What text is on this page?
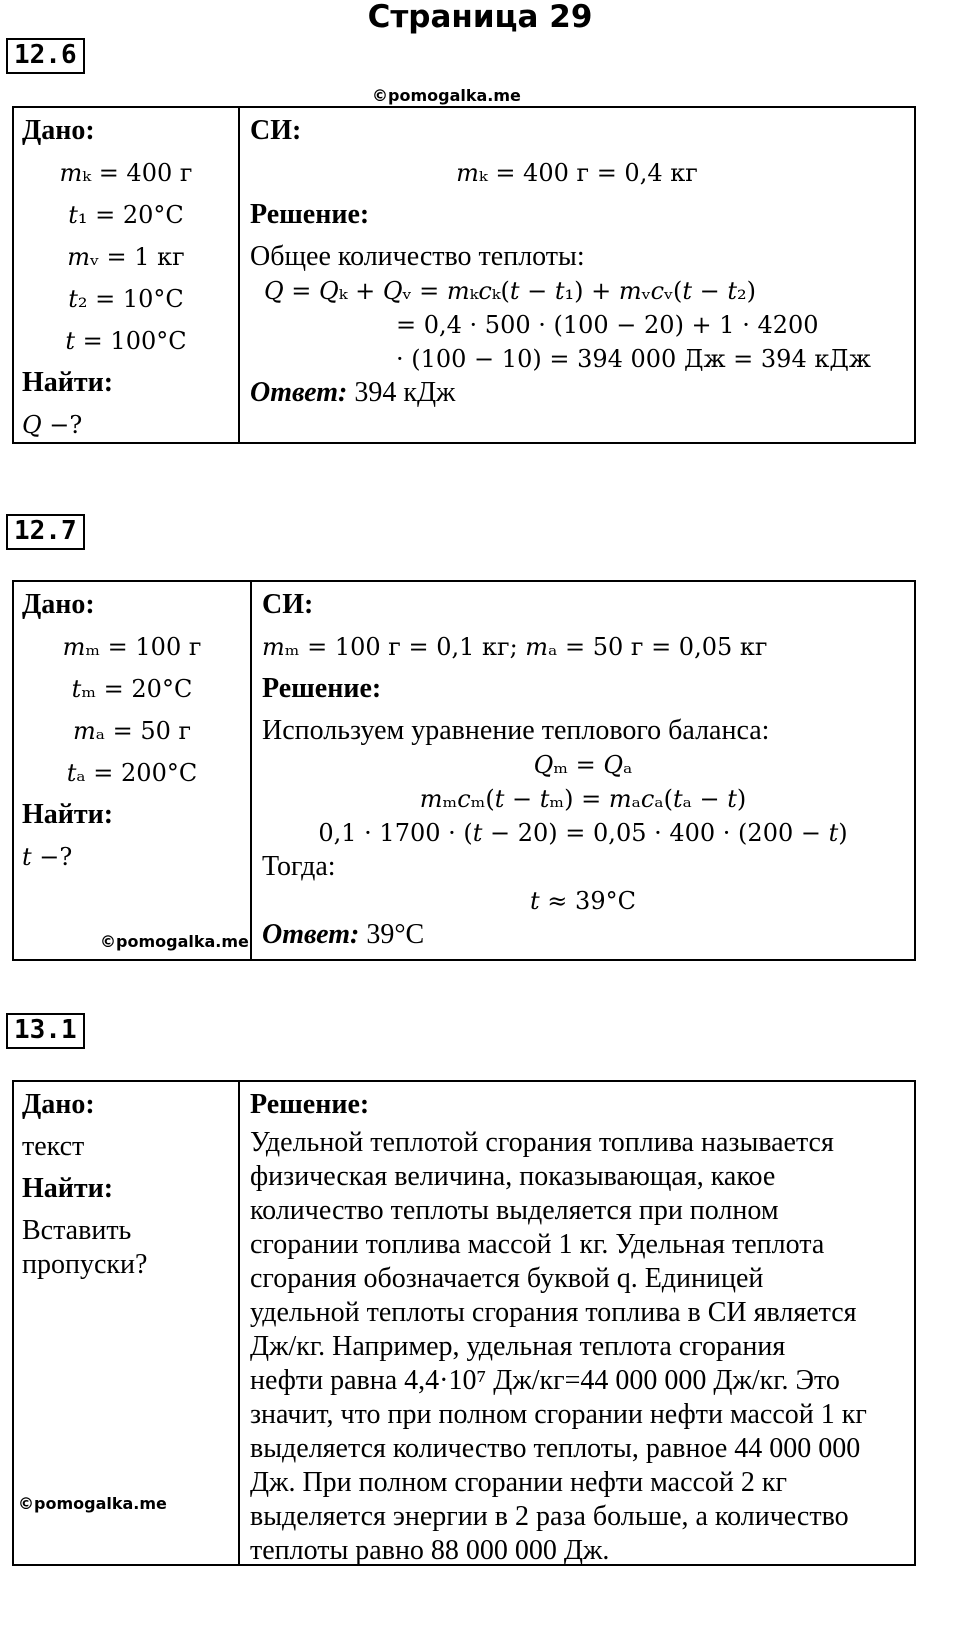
Страница 29
12.6
©pomogalka.me
Дано:
𝑚ₖ = 400 г
𝑡₁ = 20°C
𝑚ᵥ = 1 кг
𝑡₂ = 10°C
𝑡 = 100°C
Найти:
𝑄 −?
СИ:
𝑚ₖ = 400 г = 0,4 кг
Решение:
Общее количество теплоты:
𝑄 = 𝑄ₖ + 𝑄ᵥ = 𝑚ₖ𝑐ₖ(𝑡 − 𝑡₁) + 𝑚ᵥ𝑐ᵥ(𝑡 − 𝑡₂)
= 0,4 · 500 · (100 − 20) + 1 · 4200
· (100 − 10) = 394 000 Дж = 394 кДж
Ответ: 394 кДж
12.7
Дано:
𝑚ₘ = 100 г
𝑡ₘ = 20°C
𝑚ₐ = 50 г
𝑡ₐ = 200°C
Найти:
𝑡 −?
©pomogalka.me
СИ:
𝑚ₘ = 100 г = 0,1 кг; 𝑚ₐ = 50 г = 0,05 кг
Решение:
Используем уравнение теплового баланса:
𝑄ₘ = 𝑄ₐ
𝑚ₘ𝑐ₘ(𝑡 − 𝑡ₘ) = 𝑚ₐ𝑐ₐ(𝑡ₐ − 𝑡)
0,1 · 1700 · (𝑡 − 20) = 0,05 · 400 · (200 − 𝑡)
Тогда:
𝑡 ≈ 39°C
Ответ: 39°С
13.1
Дано:
текст
Найти:
Вставить
пропуски?
©pomogalka.me
Решение:
Удельной теплотой сгорания топлива называется
физическая величина, показывающая, какое
количество теплоты выделяется при полном
сгорании топлива массой 1 кг. Удельная теплота
сгорания обозначается буквой q. Единицей
удельной теплоты сгорания топлива в СИ является
Дж/кг. Например, удельная теплота сгорания
нефти равна 4,4·10⁷ Дж/кг=44 000 000 Дж/кг. Это
значит, что при полном сгорании нефти массой 1 кг
выделяется количество теплоты, равное 44 000 000
Дж. При полном сгорании нефти массой 2 кг
выделяется энергии в 2 раза больше, а количество
теплоты равно 88 000 000 Дж.
